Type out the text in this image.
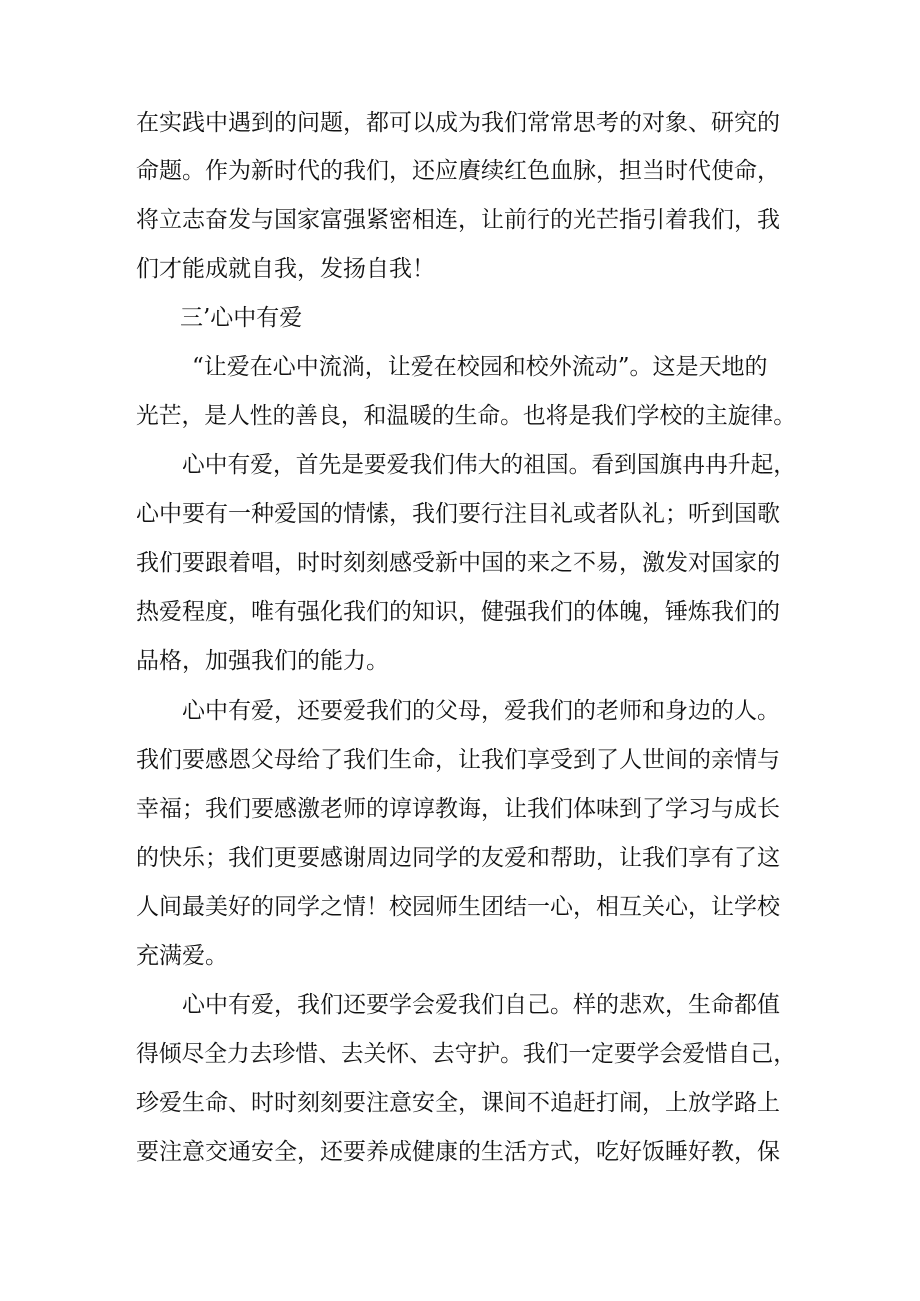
在实践中遇到的问题，都可以成为我们常常思考的对象、研究的
命题。作为新时代的我们，还应賡续红色血脉，担当时代使命，
将立志奋发与国家富强紧密相连，让前行的光芒指引着我们，我
们才能成就自我，发扬自我！
三’心中有爱
“让爱在心中流淌，让爱在校园和校外流动”。这是天地的
光芒，是人性的善良，和温暖的生命。也将是我们学校的主旋律。
心中有爱，首先是要爱我们伟大的祖国。看到国旗冉冉升起，
心中要有一种爱国的情愫，我们要行注目礼或者队礼；听到国歌
我们要跟着唱，时时刻刻感受新中国的来之不易，激发对国家的
热爱程度，唯有强化我们的知识，健强我们的体魄，锤炼我们的
品格，加强我们的能力。
心中有爱，还要爱我们的父母，爱我们的老师和身边的人。
我们要感恩父母给了我们生命，让我们享受到了人世间的亲情与
幸福；我们要感激老师的谆谆教诲，让我们体味到了学习与成长
的快乐；我们更要感谢周边同学的友爱和帮助，让我们享有了这
人间最美好的同学之情！校园师生团结一心，相互关心，让学校
充满爱。
心中有爱，我们还要学会爱我们自己。样的悲欢，生命都值
得倾尽全力去珍惜、去关怀、去守护。我们一定要学会爱惜自己，
珍爱生命、时时刻刻要注意安全，课间不追赶打闹，上放学路上
要注意交通安全，还要养成健康的生活方式，吃好饭睡好教，保
